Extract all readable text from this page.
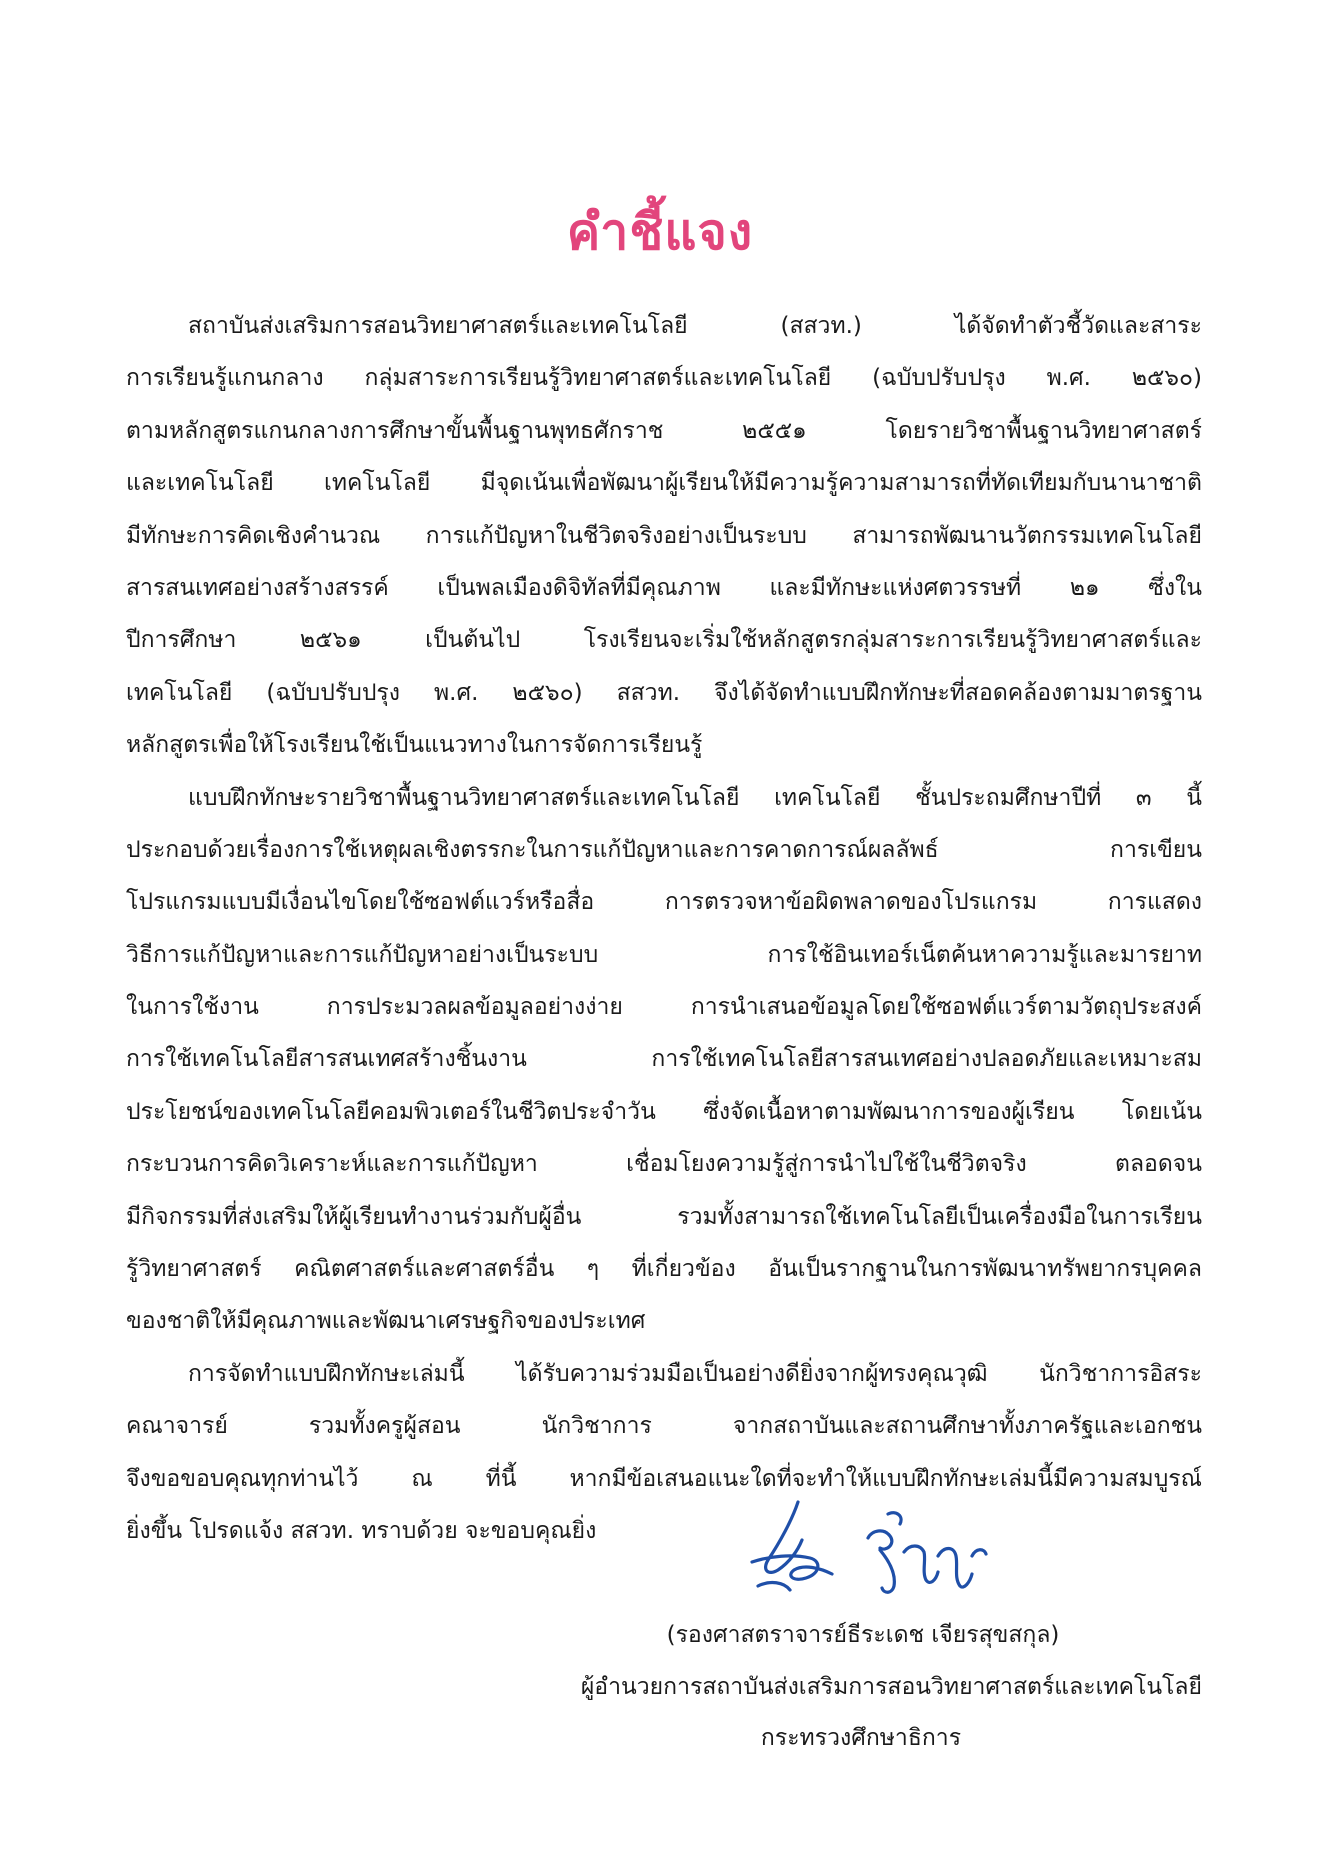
คำชี้แจง
สถาบันส่งเสริมการสอนวิทยาศาสตร์และเทคโนโลยี (สสวท.) ได้จัดทำตัวชี้วัดและสาระ
การเรียนรู้แกนกลาง กลุ่มสาระการเรียนรู้วิทยาศาสตร์และเทคโนโลยี (ฉบับปรับปรุง พ.ศ. ๒๕๖๐)
ตามหลักสูตรแกนกลางการศึกษาขั้นพื้นฐานพุทธศักราช ๒๕๕๑ โดยรายวิชาพื้นฐานวิทยาศาสตร์
และเทคโนโลยี เทคโนโลยี มีจุดเน้นเพื่อพัฒนาผู้เรียนให้มีความรู้ความสามารถที่ทัดเทียมกับนานาชาติ
มีทักษะการคิดเชิงคำนวณ การแก้ปัญหาในชีวิตจริงอย่างเป็นระบบ สามารถพัฒนานวัตกรรมเทคโนโลยี
สารสนเทศอย่างสร้างสรรค์ เป็นพลเมืองดิจิทัลที่มีคุณภาพ และมีทักษะแห่งศตวรรษที่ ๒๑ ซึ่งใน
ปีการศึกษา ๒๕๖๑ เป็นต้นไป โรงเรียนจะเริ่มใช้หลักสูตรกลุ่มสาระการเรียนรู้วิทยาศาสตร์และ
เทคโนโลยี (ฉบับปรับปรุง พ.ศ. ๒๕๖๐) สสวท. จึงได้จัดทำแบบฝึกทักษะที่สอดคล้องตามมาตรฐาน
หลักสูตรเพื่อให้โรงเรียนใช้เป็นแนวทางในการจัดการเรียนรู้
แบบฝึกทักษะรายวิชาพื้นฐานวิทยาศาสตร์และเทคโนโลยี เทคโนโลยี ชั้นประถมศึกษาปีที่ ๓ นี้
ประกอบด้วยเรื่องการใช้เหตุผลเชิงตรรกะในการแก้ปัญหาและการคาดการณ์ผลลัพธ์ การเขียน
โปรแกรมแบบมีเงื่อนไขโดยใช้ซอฟต์แวร์หรือสื่อ การตรวจหาข้อผิดพลาดของโปรแกรม การแสดง
วิธีการแก้ปัญหาและการแก้ปัญหาอย่างเป็นระบบ การใช้อินเทอร์เน็ตค้นหาความรู้และมารยาท
ในการใช้งาน การประมวลผลข้อมูลอย่างง่าย การนำเสนอข้อมูลโดยใช้ซอฟต์แวร์ตามวัตถุประสงค์
การใช้เทคโนโลยีสารสนเทศสร้างชิ้นงาน การใช้เทคโนโลยีสารสนเทศอย่างปลอดภัยและเหมาะสม
ประโยชน์ของเทคโนโลยีคอมพิวเตอร์ในชีวิตประจำวัน ซึ่งจัดเนื้อหาตามพัฒนาการของผู้เรียน โดยเน้น
กระบวนการคิดวิเคราะห์และการแก้ปัญหา เชื่อมโยงความรู้สู่การนำไปใช้ในชีวิตจริง ตลอดจน
มีกิจกรรมที่ส่งเสริมให้ผู้เรียนทำงานร่วมกับผู้อื่น รวมทั้งสามารถใช้เทคโนโลยีเป็นเครื่องมือในการเรียน
รู้วิทยาศาสตร์ คณิตศาสตร์และศาสตร์อื่น ๆ ที่เกี่ยวข้อง อันเป็นรากฐานในการพัฒนาทรัพยากรบุคคล
ของชาติให้มีคุณภาพและพัฒนาเศรษฐกิจของประเทศ
การจัดทำแบบฝึกทักษะเล่มนี้ ได้รับความร่วมมือเป็นอย่างดียิ่งจากผู้ทรงคุณวุฒิ นักวิชาการอิสระ
คณาจารย์ รวมทั้งครูผู้สอน นักวิชาการ จากสถาบันและสถานศึกษาทั้งภาครัฐและเอกชน
จึงขอขอบคุณทุกท่านไว้ ณ ที่นี้ หากมีข้อเสนอแนะใดที่จะทำให้แบบฝึกทักษะเล่มนี้มีความสมบูรณ์
ยิ่งขึ้น โปรดแจ้ง สสวท. ทราบด้วย จะขอบคุณยิ่ง
(รองศาสตราจารย์ธีระเดช เจียรสุขสกุล)
ผู้อำนวยการสถาบันส่งเสริมการสอนวิทยาศาสตร์และเทคโนโลยี
กระทรวงศึกษาธิการ
